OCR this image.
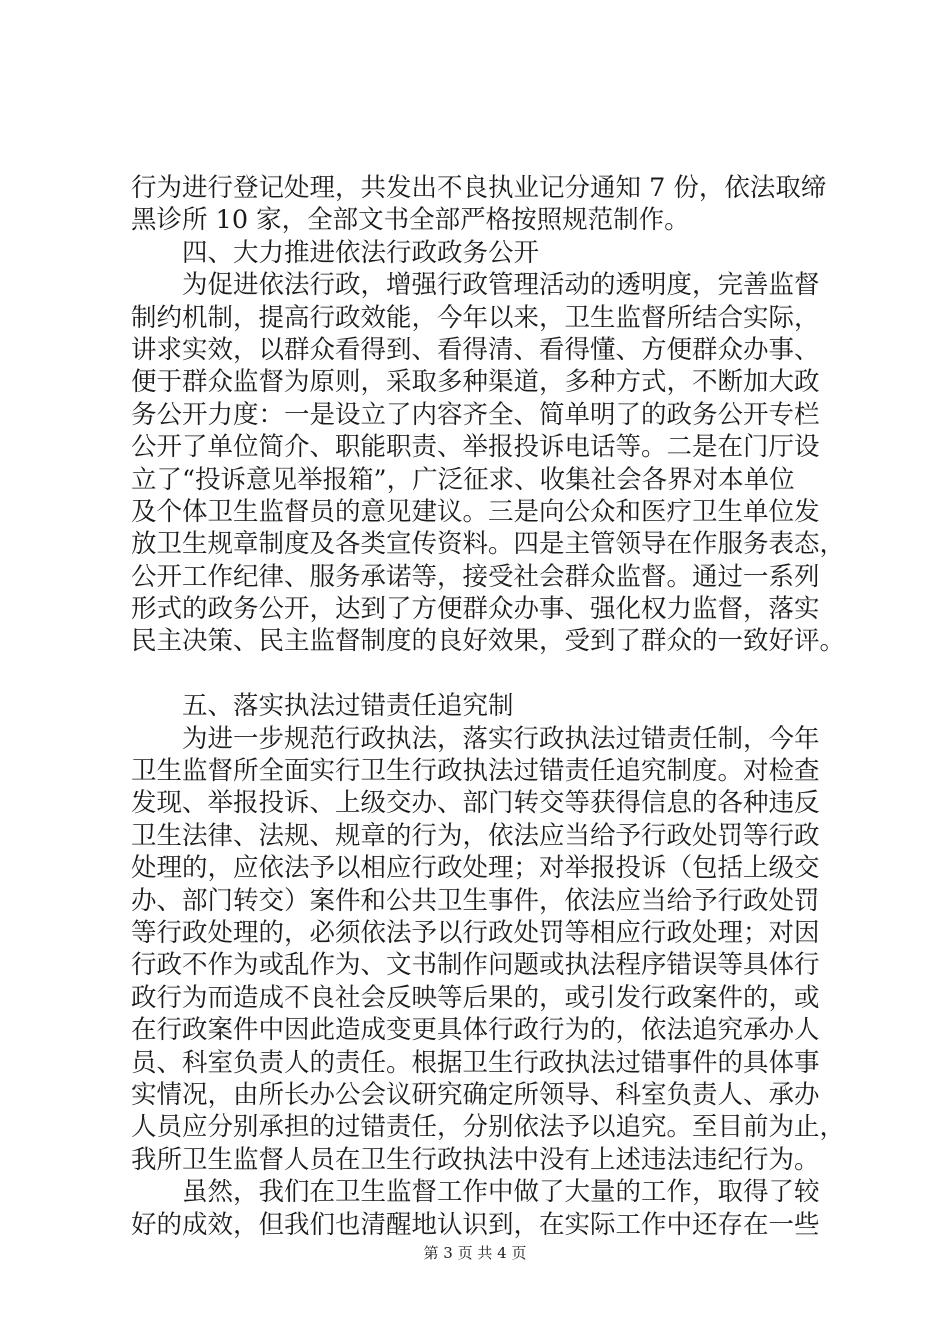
行为进行登记处理，共发出不良执业记分通知 7 份，依法取缔
黑诊所 10 家，全部文书全部严格按照规范制作。
四、大力推进依法行政政务公开
为促进依法行政，增强行政管理活动的透明度，完善监督
制约机制，提高行政效能，今年以来，卫生监督所结合实际，
讲求实效，以群众看得到、看得清、看得懂、方便群众办事、
便于群众监督为原则，采取多种渠道，多种方式，不断加大政
务公开力度：一是设立了内容齐全、简单明了的政务公开专栏
公开了单位简介、职能职责、举报投诉电话等。二是在门厅设
立了“投诉意见举报箱”，广泛征求、收集社会各界对本单位
及个体卫生监督员的意见建议。三是向公众和医疗卫生单位发
放卫生规章制度及各类宣传资料。四是主管领导在作服务表态，
公开工作纪律、服务承诺等，接受社会群众监督。通过一系列
形式的政务公开，达到了方便群众办事、强化权力监督，落实
民主决策、民主监督制度的良好效果，受到了群众的一致好评。
五、落实执法过错责任追究制
为进一步规范行政执法，落实行政执法过错责任制，今年
卫生监督所全面实行卫生行政执法过错责任追究制度。对检查
发现、举报投诉、上级交办、部门转交等获得信息的各种违反
卫生法律、法规、规章的行为，依法应当给予行政处罚等行政
处理的，应依法予以相应行政处理；对举报投诉（包括上级交
办、部门转交）案件和公共卫生事件，依法应当给予行政处罚
等行政处理的，必须依法予以行政处罚等相应行政处理；对因
行政不作为或乱作为、文书制作问题或执法程序错误等具体行
政行为而造成不良社会反映等后果的，或引发行政案件的，或
在行政案件中因此造成变更具体行政行为的，依法追究承办人
员、科室负责人的责任。根据卫生行政执法过错事件的具体事
实情况，由所长办公会议研究确定所领导、科室负责人、承办
人员应分别承担的过错责任，分别依法予以追究。至目前为止，
我所卫生监督人员在卫生行政执法中没有上述违法违纪行为。
虽然，我们在卫生监督工作中做了大量的工作，取得了较
好的成效，但我们也清醒地认识到，在实际工作中还存在一些
第 3 页 共 4 页
